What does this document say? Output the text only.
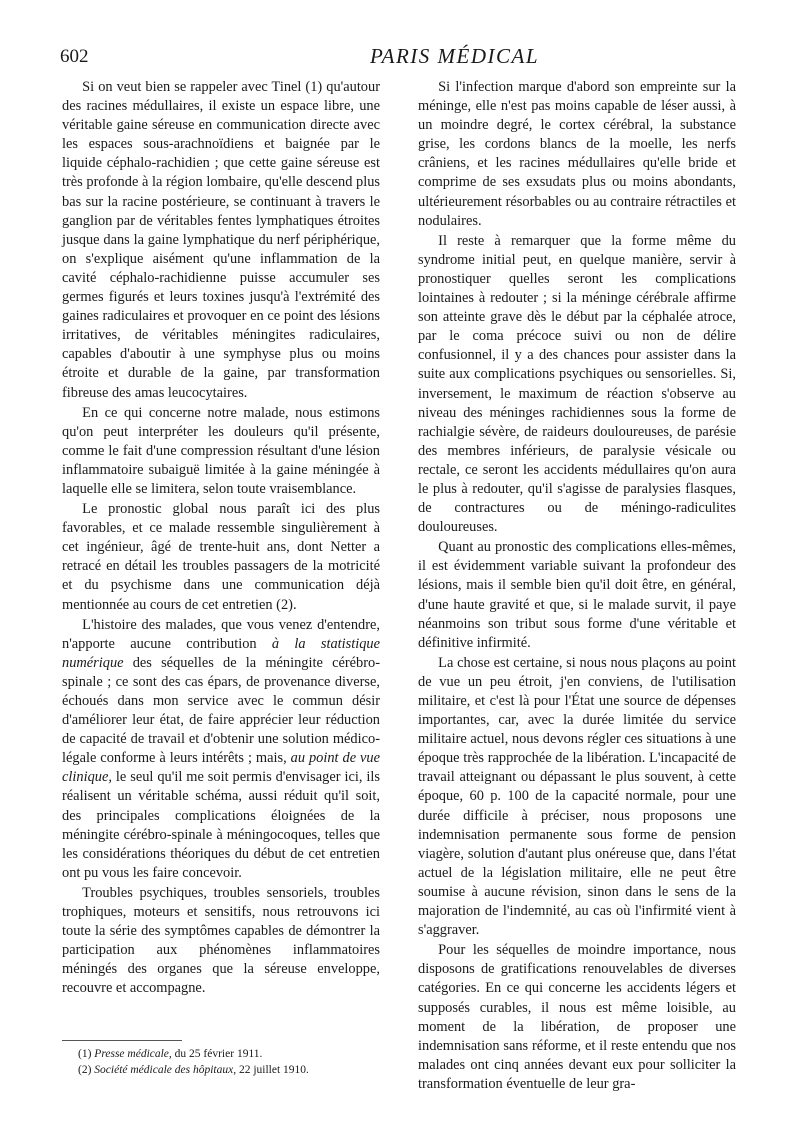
602	PARIS MÉDICAL

Si on veut bien se rappeler avec Tinel (1) qu'autour des racines médullaires, il existe un espace libre, une véritable gaine séreuse en communication directe avec les espaces sous-arachnoïdiens et baignée par le liquide céphalo-rachidien ; que cette gaine séreuse est très profonde à la région lombaire, qu'elle descend plus bas sur la racine postérieure, se continuant à travers le ganglion par de véritables fentes lymphatiques étroites jusque dans la gaine lymphatique du nerf périphérique, on s'explique aisément qu'une inflammation de la cavité céphalo-rachidienne puisse accumuler ses germes figurés et leurs toxines jusqu'à l'extrémité des gaines radiculaires et provoquer en ce point des lésions irritatives, de véritables méningites radiculaires, capables d'aboutir à une symphyse plus ou moins étroite et durable de la gaine, par transformation fibreuse des amas leucocytaires.

En ce qui concerne notre malade, nous estimons qu'on peut interpréter les douleurs qu'il présente, comme le fait d'une compression résultant d'une lésion inflammatoire subaiguë limitée à la gaine méningée à laquelle elle se limitera, selon toute vraisemblance.

Le pronostic global nous paraît ici des plus favorables, et ce malade ressemble singulièrement à cet ingénieur, âgé de trente-huit ans, dont Netter a retracé en détail les troubles passagers de la motricité et du psychisme dans une communication déjà mentionnée au cours de cet entretien (2).

L'histoire des malades, que vous venez d'entendre, n'apporte aucune contribution à la statistique numérique des séquelles de la méningite cérébro-spinale ; ce sont des cas épars, de provenance diverse, échoués dans mon service avec le commun désir d'améliorer leur état, de faire apprécier leur réduction de capacité de travail et d'obtenir une solution médico-légale conforme à leurs intérêts ; mais, au point de vue clinique, le seul qu'il me soit permis d'envisager ici, ils réalisent un véritable schéma, aussi réduit qu'il soit, des principales complications éloignées de la méningite cérébro-spinale à méningocoques, telles que les considérations théoriques du début de cet entretien ont pu vous les faire concevoir.

Troubles psychiques, troubles sensoriels, troubles trophiques, moteurs et sensitifs, nous retrouvons ici toute la série des symptômes capables de démontrer la participation aux phénomènes inflammatoires méningés des organes que la séreuse enveloppe, recouvre et accompagne.

(1) Presse médicale, du 25 février 1911.
(2) Société médicale des hôpitaux, 22 juillet 1910.

Si l'infection marque d'abord son empreinte sur la méninge, elle n'est pas moins capable de léser aussi, à un moindre degré, le cortex cérébral, la substance grise, les cordons blancs de la moelle, les nerfs crâniens, et les racines médullaires qu'elle bride et comprime de ses exsudats plus ou moins abondants, ultérieurement résorbables ou au contraire rétractiles et nodulaires.

Il reste à remarquer que la forme même du syndrome initial peut, en quelque manière, servir à pronostiquer quelles seront les complications lointaines à redouter ; si la méninge cérébrale affirme son atteinte grave dès le début par la céphalée atroce, par le coma précoce suivi ou non de délire confusionnel, il y a des chances pour assister dans la suite aux complications psychiques ou sensorielles. Si, inversement, le maximum de réaction s'observe au niveau des méninges rachidiennes sous la forme de rachialgie sévère, de raideurs douloureuses, de parésie des membres inférieurs, de paralysie vésicale ou rectale, ce seront les accidents médullaires qu'on aura le plus à redouter, qu'il s'agisse de paralysies flasques, de contractures ou de méningo-radiculites douloureuses.

Quant au pronostic des complications elles-mêmes, il est évidemment variable suivant la profondeur des lésions, mais il semble bien qu'il doit être, en général, d'une haute gravité et que, si le malade survit, il paye néanmoins son tribut sous forme d'une véritable et définitive infirmité.

La chose est certaine, si nous nous plaçons au point de vue un peu étroit, j'en conviens, de l'utilisation militaire, et c'est là pour l'État une source de dépenses importantes, car, avec la durée limitée du service militaire actuel, nous devons régler ces situations à une époque très rapprochée de la libération. L'incapacité de travail atteignant ou dépassant le plus souvent, à cette époque, 60 p. 100 de la capacité normale, pour une durée difficile à préciser, nous proposons une indemnisation permanente sous forme de pension viagère, solution d'autant plus onéreuse que, dans l'état actuel de la législation militaire, elle ne peut être soumise à aucune révision, sinon dans le sens de la majoration de l'indemnité, au cas où l'infirmité vient à s'aggraver.

Pour les séquelles de moindre importance, nous disposons de gratifications renouvelables de diverses catégories. En ce qui concerne les accidents légers et supposés curables, il nous est même loisible, au moment de la libération, de proposer une indemnisation sans réforme, et il reste entendu que nos malades ont cinq années devant eux pour solliciter la transformation éventuelle de leur gra-
